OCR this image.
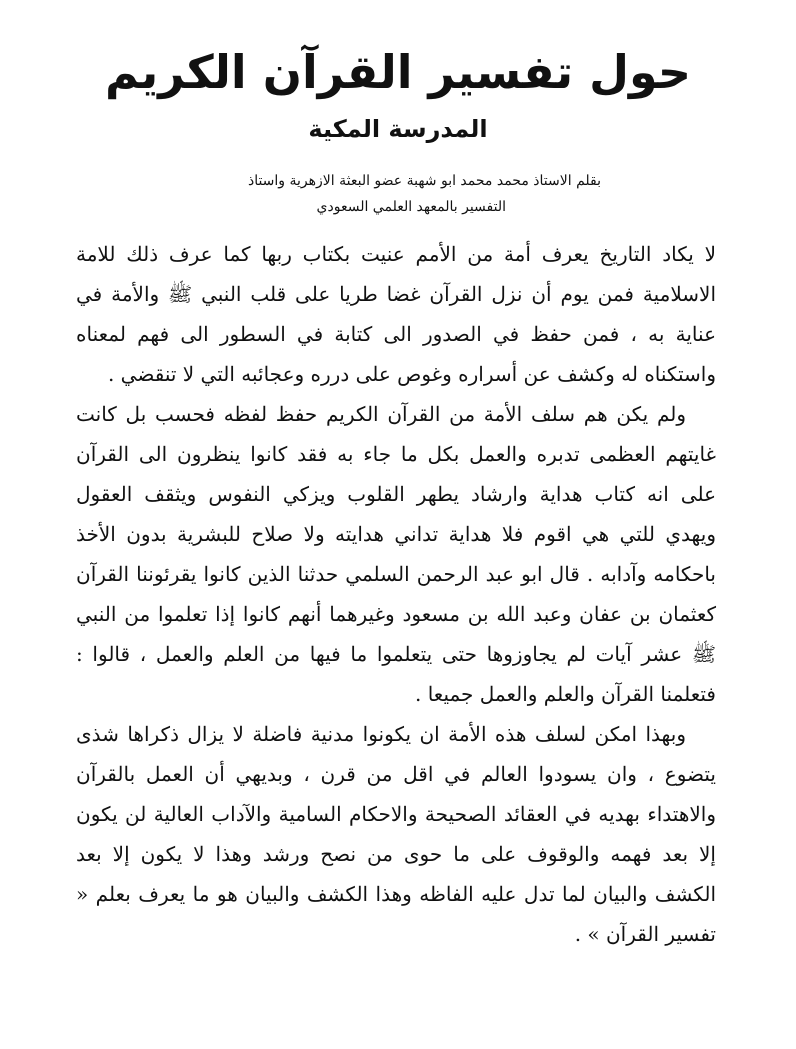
حول تفسير القرآن الكريم
المدرسة المكية
بقلم الاستاذ محمد محمد ابو شهبة عضو البعثة الازهرية واستاذ
التفسير بالمعهد العلمي السعودي

لا يكاد التاريخ يعرف أمة من الأمم عنيت بكتاب ربها كما عرف ذلك للامة الاسلامية فمن يوم أن نزل القرآن غضا طريا على قلب النبي ﷺ والأمة في عناية به ، فمن حفظ في الصدور الى كتابة في السطور الى فهم لمعناه واستكناه له وكشف عن أسراره وغوص على درره وعجائبه التي لا تنقضي .

ولم يكن هم سلف الأمة من القرآن الكريم حفظ لفظه فحسب بل كانت غايتهم العظمى تدبره والعمل بكل ما جاء به فقد كانوا ينظرون الى القرآن على انه كتاب هداية وارشاد يطهر القلوب ويزكي النفوس ويثقف العقول ويهدي للتي هي اقوم فلا هداية تداني هدايته ولا صلاح للبشرية بدون الأخذ باحكامه وآدابه . قال ابو عبد الرحمن السلمي حدثنا الذين كانوا يقرئوننا القرآن كعثمان بن عفان وعبد الله بن مسعود وغيرهما أنهم كانوا إذا تعلموا من النبي ﷺ عشر آيات لم يجاوزوها حتى يتعلموا ما فيها من العلم والعمل ، قالوا : فتعلمنا القرآن والعلم والعمل جميعا .

وبهذا امكن لسلف هذه الأمة ان يكونوا مدنية فاضلة لا يزال ذكراها شذى يتضوع ، وان يسودوا العالم في اقل من قرن ، وبديهي أن العمل بالقرآن والاهتداء بهديه في العقائد الصحيحة والاحكام السامية والآداب العالية لن يكون إلا بعد فهمه والوقوف على ما حوى من نصح ورشد وهذا لا يكون إلا بعد الكشف والبيان لما تدل عليه الفاظه وهذا الكشف والبيان هو ما يعرف بعلم « تفسير القرآن » .
